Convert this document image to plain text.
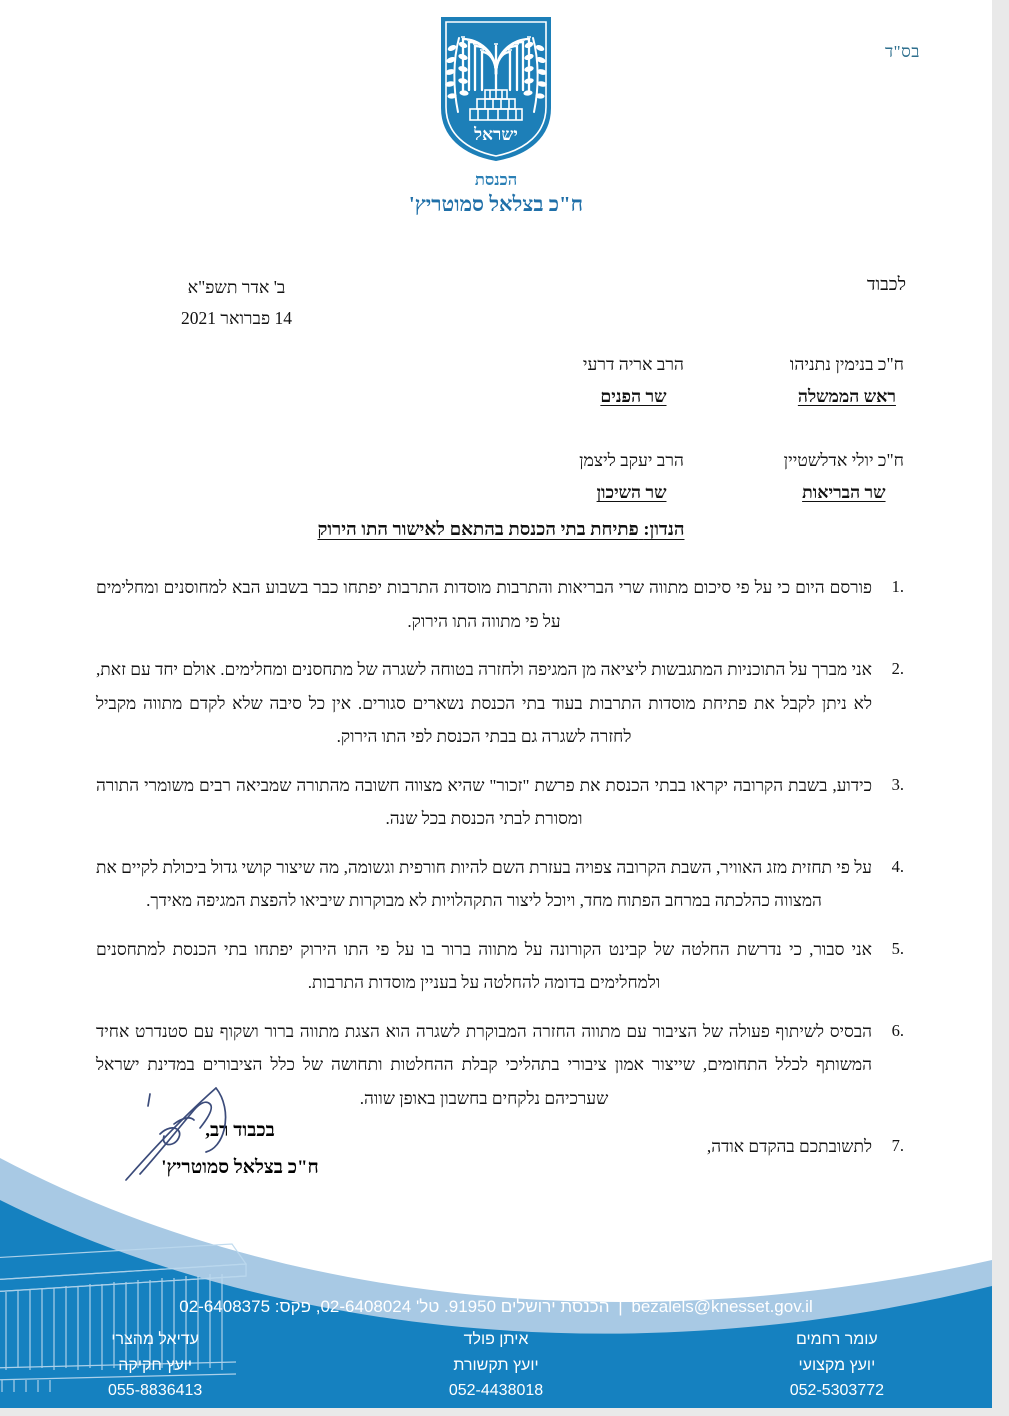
בס"ד
ישראל
הכנסת
ח"כ בצלאל סמוטריץ'
לכבוד
ב' אדר תשפ"א
14 פברואר 2021
ח"כ בנימין נתניהו
ראש הממשלה
הרב אריה דרעי
שר הפנים
ח"כ יולי אדלשטיין
שר הבריאות
הרב יעקב ליצמן
שר השיכון
הנדון: פתיחת בתי הכנסת בהתאם לאישור התו הירוק
פורסם היום כי על פי סיכום מתווה שרי הבריאות והתרבות מוסדות התרבות יפתחו כבר בשבוע הבא למחוסנים ומחלימים על פי מתווה התו הירוק.
אני מברך על התוכניות המתגבשות ליציאה מן המגיפה ולחזרה בטוחה לשגרה של מתחסנים ומחלימים. אולם יחד עם זאת, לא ניתן לקבל את פתיחת מוסדות התרבות בעוד בתי הכנסת נשארים סגורים. אין כל סיבה שלא לקדם מתווה מקביל לחזרה לשגרה גם בבתי הכנסת לפי התו הירוק.
כידוע, בשבת הקרובה יקראו בבתי הכנסת את פרשת "זכור" שהיא מצווה חשובה מהתורה שמביאה רבים משומרי התורה ומסורת לבתי הכנסת בכל שנה.
על פי תחזית מזג האוויר, השבת הקרובה צפויה בעזרת השם להיות חורפית וגשומה, מה שיצור קושי גדול ביכולת לקיים את המצווה כהלכתה במרחב הפתוח מחד, ויוכל ליצור התקהלויות לא מבוקרות שיביאו להפצת המגיפה מאידך.
אני סבור, כי נדרשת החלטה של קבינט הקורונה על מתווה ברור בו על פי התו הירוק יפתחו בתי הכנסת למתחסנים ולמחלימים בדומה להחלטה על בעניין מוסדות התרבות.
הבסיס לשיתוף פעולה של הציבור עם מתווה החזרה המבוקרת לשגרה הוא הצגת מתווה ברור ושקוף עם סטנדרט אחיד המשותף לכלל התחומים, שייצור אמון ציבורי בתהליכי קבלת ההחלטות ותחושה של כלל הציבורים במדינת ישראל שערכיהם נלקחים בחשבון באופן שווה.
לתשובתכם בהקדם אודה,
בכבוד רב,
ח"כ בצלאל סמוטריץ'
bezalels@knesset.gov.il | הכנסת ירושלים 91950. טל' 02-6408024, פקס: 02-6408375
עומר רחמים
יועץ מקצועי
052-5303772
איתן פולד
יועץ תקשורת
052-4438018
עדיאל מהצרי
יועץ חקיקה
055-8836413
